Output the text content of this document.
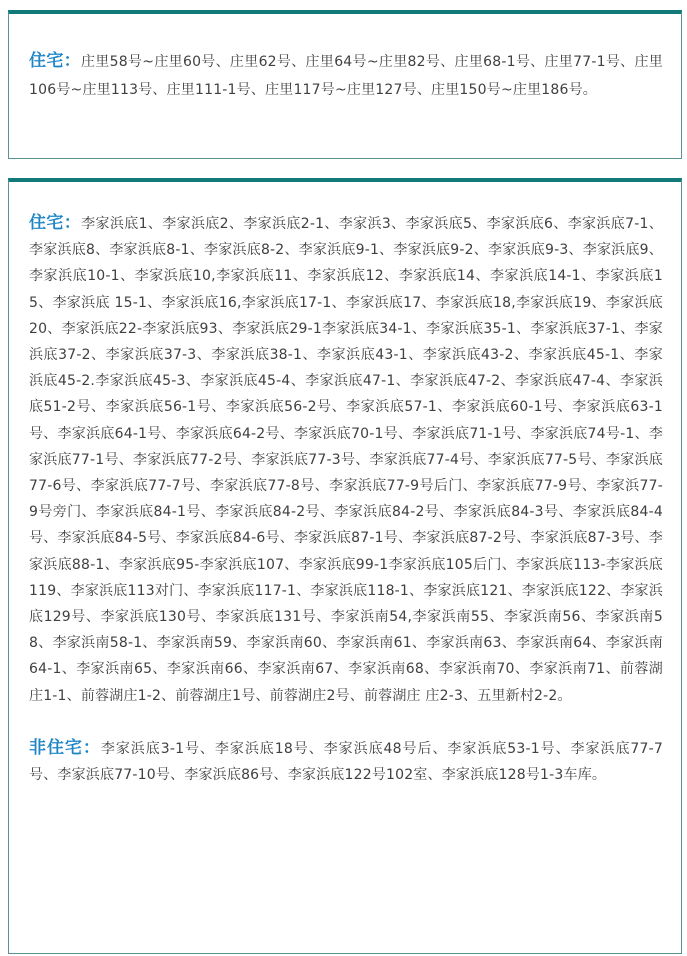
住宅：庄里58号~庄里60号、庄里62号、庄里64号~庄里82号、庄里68-1号、庄里77-1号、庄里106号~庄里113号、庄里111-1号、庄里117号~庄里127号、庄里150号~庄里186号。

住宅：李家浜底1、李家浜底2、李家浜底2-1、李家浜3、李家浜底5、李家浜底6、李家浜底7-1、李家浜底8、李家浜底8-1、李家浜底8-2、李家浜底9-1、李家浜底9-2、李家浜底9-3、李家浜底9、李家浜底10-1、李家浜底10,李家浜底11、李家浜底12、李家浜底14、李家浜底14-1、李家浜底15、李家浜底 15-1、李家浜底16,李家浜底17-1、李家浜底17、李家浜底18,李家浜底19、李家浜底20、李家浜底22-李家浜底93、李家浜底29-1李家浜底34-1、李家浜底35-1、李家浜底37-1、李家浜底37-2、李家浜底37-3、李家浜底38-1、李家浜底43-1、李家浜底43-2、李家浜底45-1、李家浜底45-2.李家浜底45-3、李家浜底45-4、李家浜底47-1、李家浜底47-2、李家浜底47-4、李家浜底51-2号、李家浜底56-1号、李家浜底56-2号、李家浜底57-1、李家浜底60-1号、李家浜底63-1号、李家浜底64-1号、李家浜底64-2号、李家浜底70-1号、李家浜底71-1号、李家浜底74号-1、李家浜底77-1号、李家浜底77-2号、李家浜底77-3号、李家浜底77-4号、李家浜底77-5号、李家浜底77-6号、李家浜底77-7号、李家浜底77-8号、李家浜底77-9号后门、李家浜底77-9号、李家浜77-9号旁门、李家浜底84-1号、李家浜底84-2号、李家浜底84-2号、李家浜底84-3号、李家浜底84-4号、李家浜底84-5号、李家浜底84-6号、李家浜底87-1号、李家浜底87-2号、李家浜底87-3号、李家浜底88-1、李家浜底95-李家浜底107、李家浜底99-1李家浜底105后门、李家浜底113-李家浜底119、李家浜底113对门、李家浜底117-1、李家浜底118-1、李家浜底121、李家浜底122、李家浜底129号、李家浜底130号、李家浜底131号、李家浜南54,李家浜南55、李家浜南56、李家浜南58、李家浜南58-1、李家浜南59、李家浜南60、李家浜南61、李家浜南63、李家浜南64、李家浜南64-1、李家浜南65、李家浜南66、李家浜南67、李家浜南68、李家浜南70、李家浜南71、前蓉湖庄1-1、前蓉湖庄1-2、前蓉湖庄1号、前蓉湖庄2号、前蓉湖庄 庄2-3、五里新村2-2。

非住宅：李家浜底3-1号、李家浜底18号、李家浜底48号后、李家浜底53-1号、李家浜底77-7号、李家浜底77-10号、李家浜底86号、李家浜底122号102室、李家浜底128号1-3车库。
